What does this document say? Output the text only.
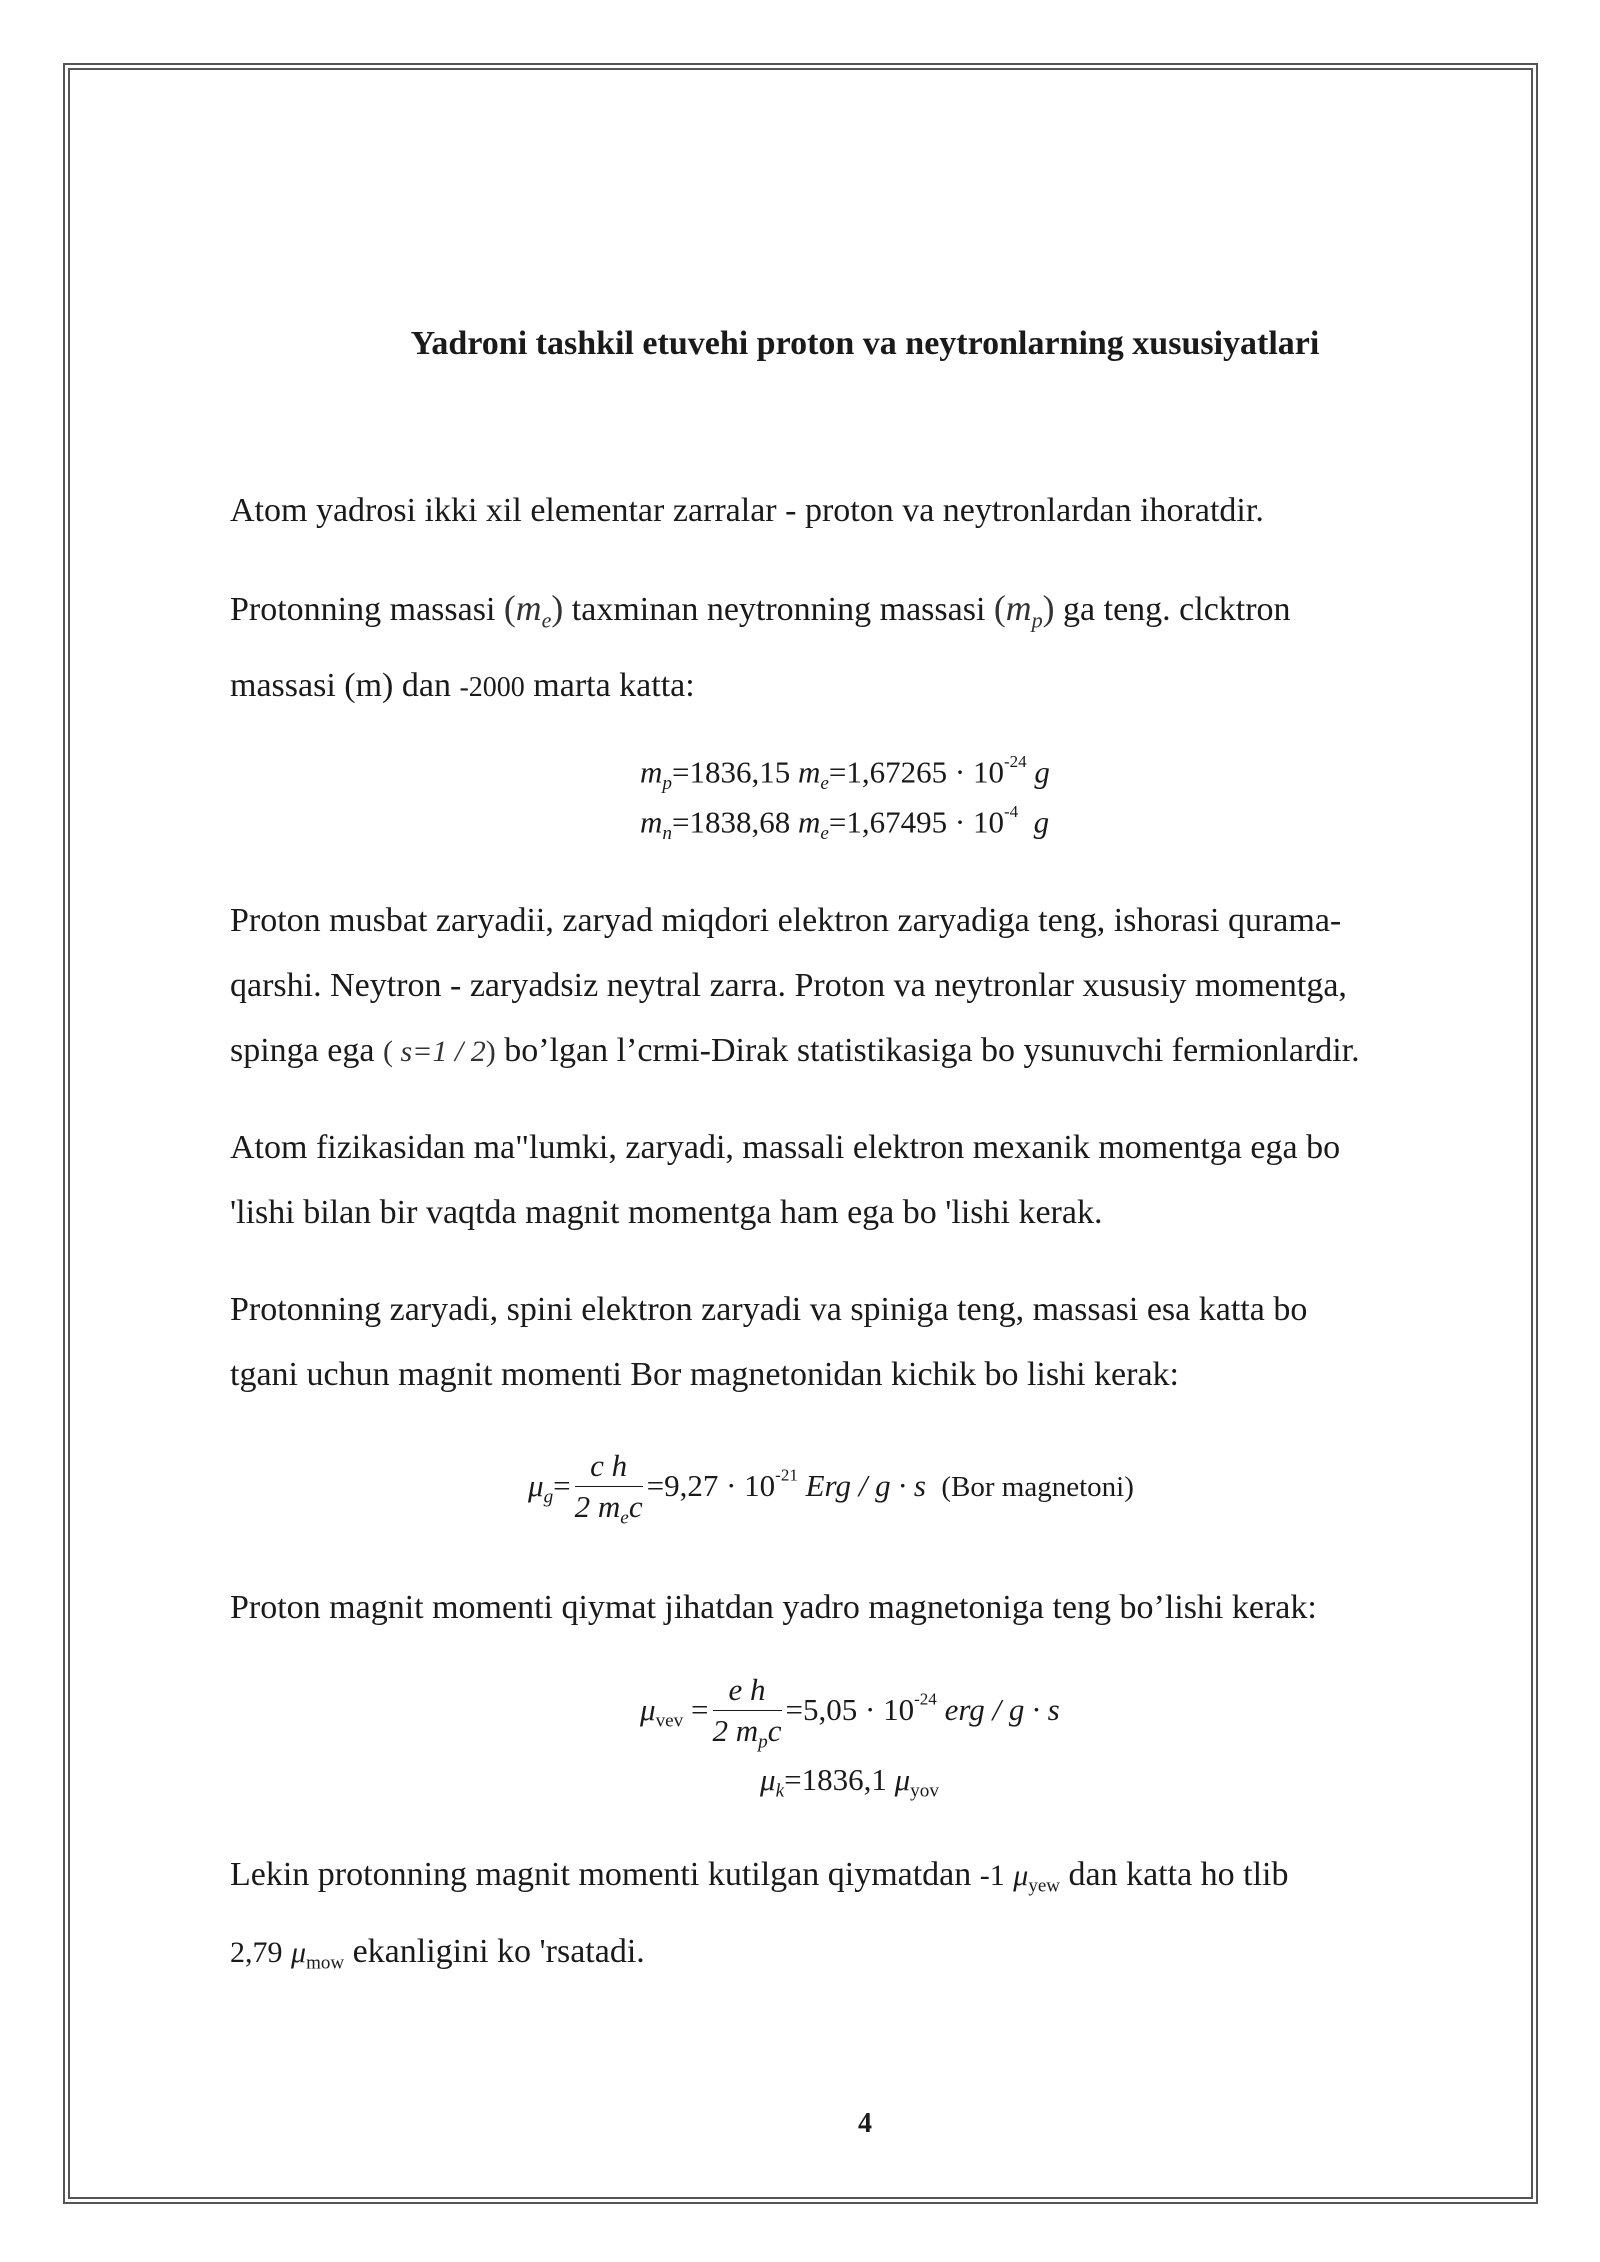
Yadroni tashkil etuvehi proton va neytronlarning xususiyatlari

Atom yadrosi ikki xil elementar zarralar - proton va neytronlardan ihoratdir.

Protonning massasi $(m_e)$ taxminan neytronning massasi $(m_p)$ ga teng. clcktron
massasi (m) dan -2000 marta katta:

$m_p=1836,15$ $m_e=1,67265 \cdot 10^{-24}$ g
$m_n=1838,68$ $m_e=1,67495 \cdot 10^{-4}$ g

Proton musbat zaryadii, zaryad miqdori elektron zaryadiga teng, ishorasi qurama-
qarshi. Neytron - zaryadsiz neytral zarra. Proton va neytronlar xususiy momentga,
spinga ega ( s=1 / 2) bo’lgan l’crmi-Dirak statistikasiga bo ysunuvchi fermionlardir.

Atom fizikasidan ma"lumki, zaryadi, massali elektron mexanik momentga ega bo
'lishi bilan bir vaqtda magnit momentga ham ega bo 'lishi kerak.

Protonning zaryadi, spini elektron zaryadi va spiniga teng, massasi esa katta bo
tgani uchun magnit momenti Bor magnetonidan kichik bo lishi kerak:

$\mu_g= \frac{\text{c h}}{2 m_ec} =9,27 \cdot 10^{-21}$ Erg / g · s (Bor magnetoni)

Proton magnit momenti qiymat jihatdan yadro magnetoniga teng bo’lishi kerak:

$\mu_{vev} = \frac{\text{e h}}{2 m_pc} =5,05 \cdot 10^{-24}$ erg / g · s
$\mu_k=1836,1$ $\mu_{yov}$

Lekin protonning magnit momenti kutilgan qiymatdan -1 μyew dan katta ho tlib
2,79 μmow ekanligini ko 'rsatadi.

4
